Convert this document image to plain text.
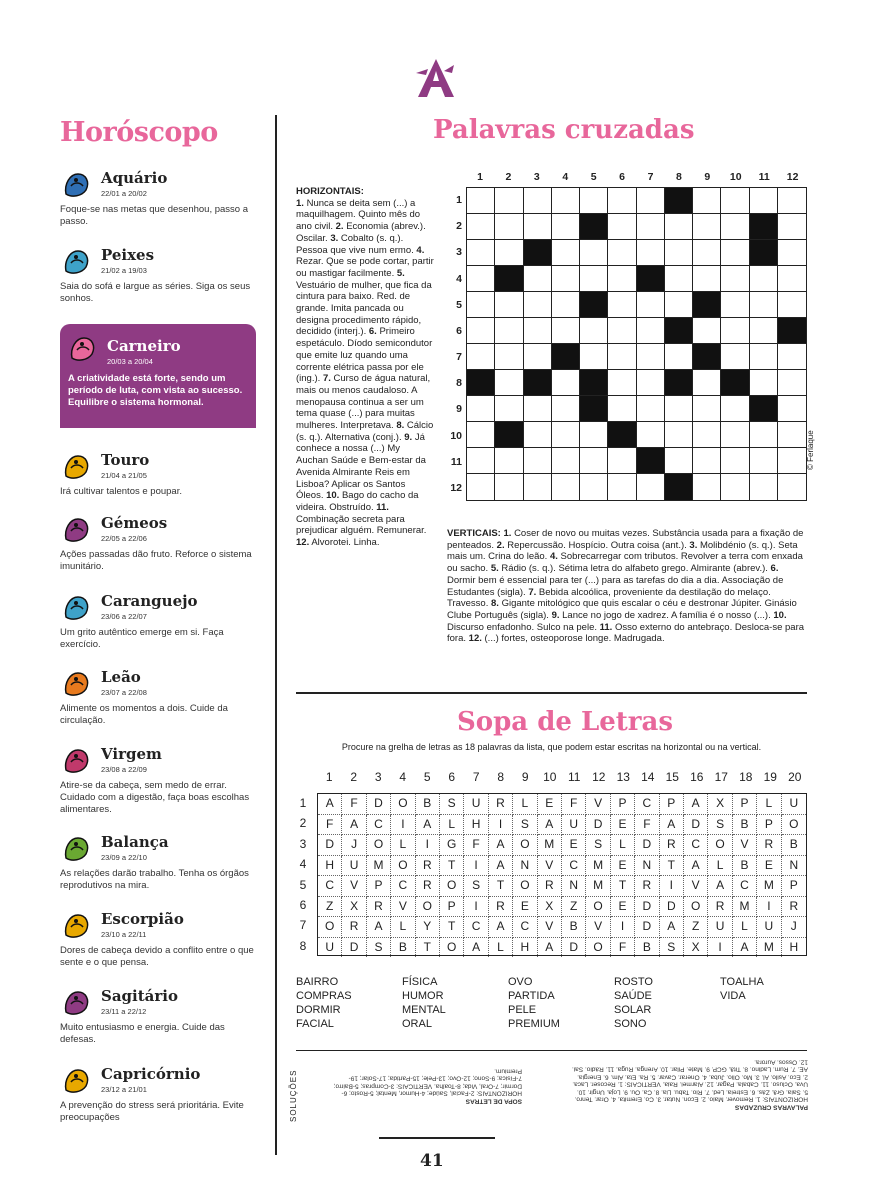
Horóscopo
Aquário
22/01 a 20/02
Foque-se nas metas que desenhou, passo a passo.
Peixes
21/02 a 19/03
Saia do sofá e largue as séries. Siga os seus sonhos.
Carneiro
20/03 a 20/04
A criatividade está forte, sendo um período de luta, com vista ao sucesso. Equilibre o sistema hormonal.
Touro
21/04 a 21/05
Irá cultivar talentos e poupar.
Gémeos
22/05 a 22/06
Ações passadas dão fruto. Reforce o sistema imunitário.
Caranguejo
23/06 a 22/07
Um grito autêntico emerge em si. Faça exercício.
Leão
23/07 a 22/08
Alimente os momentos a dois. Cuide da circulação.
Virgem
23/08 a 22/09
Atire-se da cabeça, sem medo de errar. Cuidado com a digestão, faça boas escolhas alimentares.
Balança
23/09 a 22/10
As relações darão trabalho. Tenha os órgãos reprodutivos na mira.
Escorpião
23/10 a 22/11
Dores de cabeça devido a conflito entre o que sente e o que pensa.
Sagitário
23/11 a 22/12
Muito entusiasmo e energia. Cuide das defesas.
Capricórnio
23/12 a 21/01
A prevenção do stress será prioritária. Evite preocupações
Palavras cruzadas
HORIZONTAIS:
1. Nunca se deita sem (...) a maquilhagem. Quinto mês do ano civil. 2. Economia (abrev.). Oscilar. 3. Cobalto (s. q.). Pessoa que vive num ermo. 4. Rezar. Que se pode cortar, partir ou mastigar facilmente. 5. Vestuário de mulher, que fica da cintura para baixo. Red. de grande. Imita pancada ou designa procedimento rápido, decidido (interj.). 6. Primeiro espetáculo. Díodo semicondutor que emite luz quando uma corrente elétrica passa por ele (ing.). 7. Curso de água natural, mais ou menos caudaloso. A menopausa continua a ser um tema quase (...) para muitas mulheres. Interpretava. 8. Cálcio (s. q.). Alternativa (conj.). 9. Já conhece a nossa (...) My Auchan Saúde e Bem-estar da Avenida Almirante Reis em Lisboa? Aplicar os Santos Óleos. 10. Bago do cacho da videira. Obstruído. 11. Combinação secreta para prejudicar alguém. Remunerar. 12. Alvorotei. Linha.
1	2	3	4	5	6	7	8	9	10	11	12
1
2
3
4
5
6
7
8
9
10
11
12
© Ferlaque
VERTICAIS: 1. Coser de novo ou muitas vezes. Substância usada para a fixação de penteados. 2. Repercussão. Hospício. Outra coisa (ant.). 3. Molibdénio (s. q.). Seta mais um. Crina do leão. 4. Sobrecarregar com tributos. Revolver a terra com enxada ou sacho. 5. Rádio (s. q.). Sétima letra do alfabeto grego. Almirante (abrev.). 6. Dormir bem é essencial para ter (...) para as tarefas do dia a dia. Associação de Estudantes (sigla). 7. Bebida alcoólica, proveniente da destilação do melaço. Travesso. 8. Gigante mitológico que quis escalar o céu e destronar Júpiter. Ginásio Clube Português (sigla). 9. Lance no jogo de xadrez. A família é o nosso (...). 10. Discurso enfadonho. Sulco na pele. 11. Osso externo do antebraço. Desloca-se para fora. 12. (...) fortes, osteoporose longe. Madrugada.
Sopa de Letras
Procure na grelha de letras as 18 palavras da lista, que podem estar escritas na horizontal ou na vertical.
1	2	3	4	5	6	7	8	9	10 11 12 13 14 15 16 17 18 19 20
1
2
3
4
5
6
7
8
A	F	D	O	B	S	U	R	L	E	F	V	P	C	P	A	X	P	L	U
F	A	C	I	A	L	H	I	S	A	U	D	E	F	A	D	S	B	P	O
D	J	O	L	I	G	F	A	O	M	E	S	L	D	R	C	O	V	R	B
H	U	M	O	R	T	I	A	N	V	C	M	E	N	T	A	L	B	E	N
C	V	P	C	R	O	S	T	O	R	N	M	T	R	I	V	A	C	M	P
Z	X	R	V	O	P	I	R	E	X	Z	O	E	D	D	O	R	M	I	R
O	R	A	L	Y	T	C	A	C	V	B	V	I	D	A	Z	U	L	U	J
U	D	S	B	T	O	A	L	H	A	D	O	F	B	S	X	I	A	M	H
BAIRRO
COMPRAS
DORMIR
FACIAL
FÍSICA
HUMOR
MENTAL
ORAL
OVO
PARTIDA
PELE
PREMIUM
ROSTO
SAÚDE
SOLAR
SONO
TOALHA
VIDA
SOLUÇÕES	SOPA DE LETRAS
HORIZONTAIS: 2-Facial, Saúde; 4-Humor, Mental; 5-Rosto; 6-Dormir; 7-Oral, Vida; 8-Toalha. VERTICAIS: 3-Compras; 5-Bairro; 7-Física; 9-Sono; 12-Ovo; 13-Pele; 15-Partida; 17-Solar; 19-Premium.
PALAVRAS CRUZADAS
HORIZONTAIS: 1. Remover. Maio. 2. Econ. Nutar. 3. Co. Eremita. 4. Orar. Tenro. 5. Saia. Grã. Zás. 6. Estreia. Led. 7. Rio. Tabu. Lia. 8. Ca. Ou. 9. Loja. Ungir. 10. Uva. Ocluso. 11. Cabala. Pagar. 12. Alarmei. Raia. VERTICAIS: 1. Recoser. Laca. 2. Eco. Asilo. Al. 3. Mo. Olio. Juba. 4. Onerar. Cavar. 5. Ra. Eta. Alm. 6. Energia. AE. 7. Rum. Ladino. 8. Titã. GCP. 9. Mate. Pilar. 10. Arenga. Ruga. 11. Rádio. Sai. 12. Ossos. Aurora.
41
